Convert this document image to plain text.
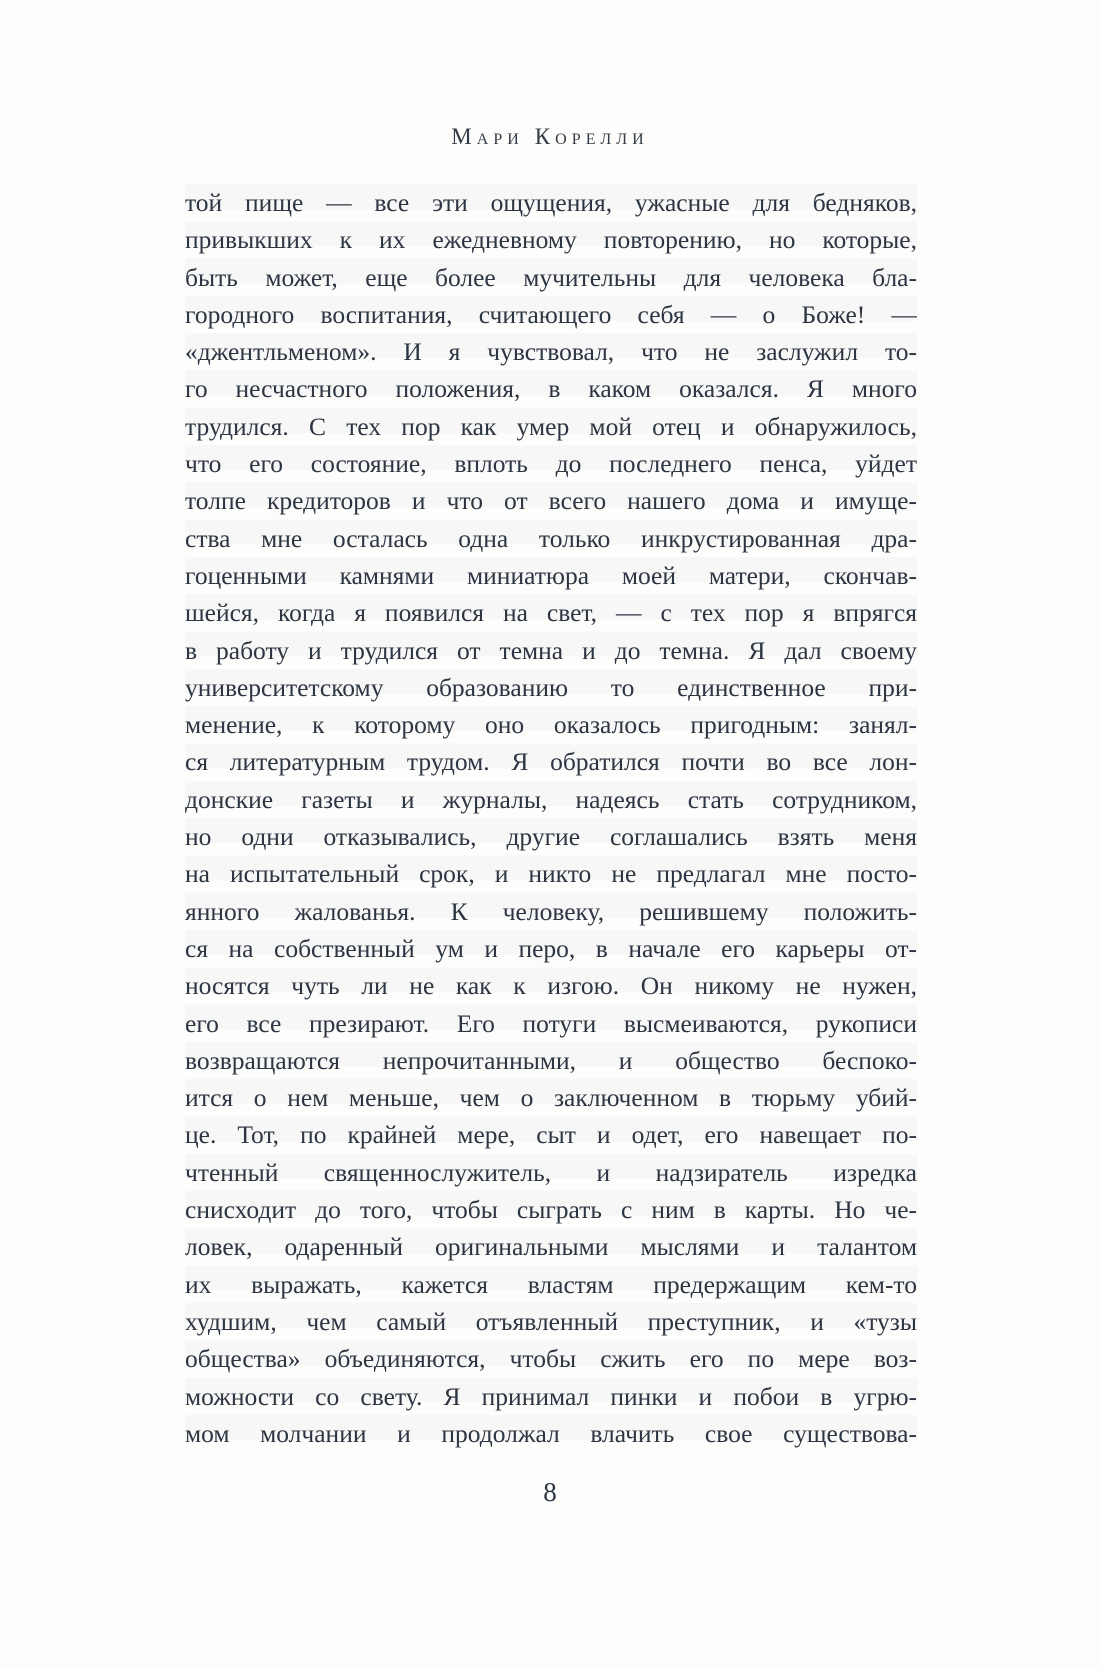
Мари Корелли
той пище — все эти ощущения, ужасные для бедняков,
привыкших к их ежедневному повторению, но которые,
быть может, еще более мучительны для человека бла-
городного воспитания, считающего себя — о Боже! —
«джентльменом». И я чувствовал, что не заслужил то-
го несчастного положения, в каком оказался. Я много
трудился. С тех пор как умер мой отец и обнаружилось,
что его состояние, вплоть до последнего пенса, уйдет
толпе кредиторов и что от всего нашего дома и имуще-
ства мне осталась одна только инкрустированная дра-
гоценными камнями миниатюра моей матери, скончав-
шейся, когда я появился на свет, — с тех пор я впрягся
в работу и трудился от темна и до темна. Я дал своему
университетскому образованию то единственное при-
менение, к которому оно оказалось пригодным: занял-
ся литературным трудом. Я обратился почти во все лон-
донские газеты и журналы, надеясь стать сотрудником,
но одни отказывались, другие соглашались взять меня
на испытательный срок, и никто не предлагал мне посто-
янного жалованья. К человеку, решившему положить-
ся на собственный ум и перо, в начале его карьеры от-
носятся чуть ли не как к изгою. Он никому не нужен,
его все презирают. Его потуги высмеиваются, рукописи
возвращаются непрочитанными, и общество беспоко-
ится о нем меньше, чем о заключенном в тюрьму убий-
це. Тот, по крайней мере, сыт и одет, его навещает по-
чтенный священнослужитель, и надзиратель изредка
снисходит до того, чтобы сыграть с ним в карты. Но че-
ловек, одаренный оригинальными мыслями и талантом
их выражать, кажется властям предержащим кем-то
худшим, чем самый отъявленный преступник, и «тузы
общества» объединяются, чтобы сжить его по мере воз-
можности со свету. Я принимал пинки и побои в угрю-
мом молчании и продолжал влачить свое существова-
8
